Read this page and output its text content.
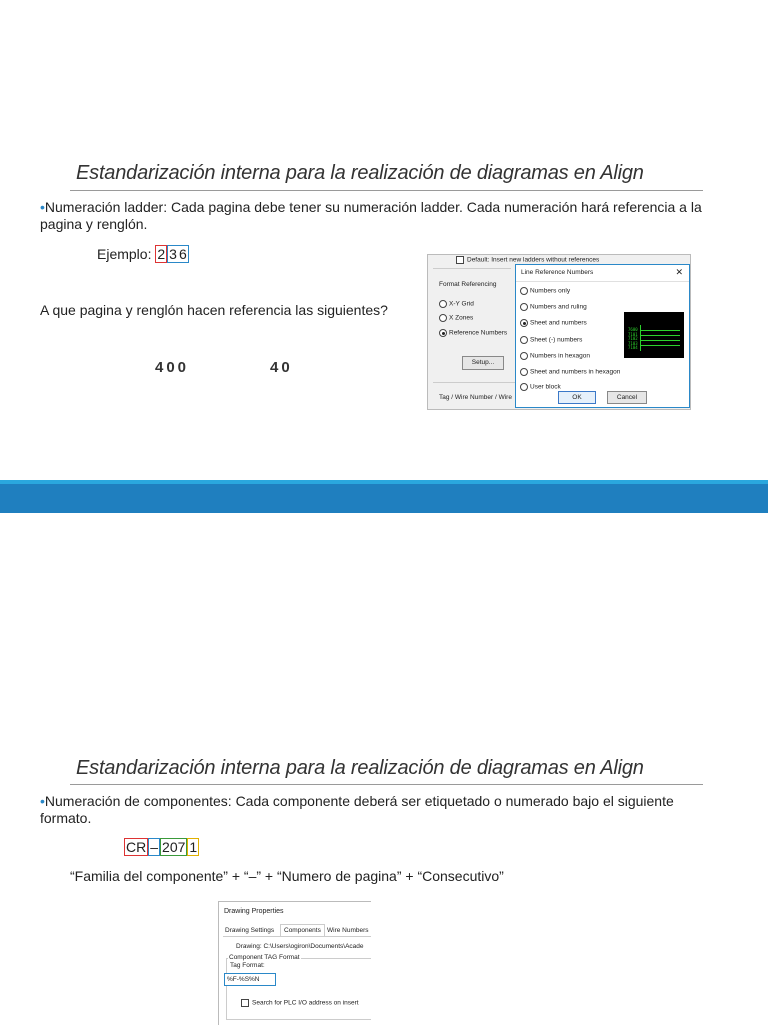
Estandarización interna para la realización de diagramas en Align
•Numeración ladder: Cada pagina debe tener su numeración ladder. Cada numeración hará referencia a la pagina y renglón.
Ejemplo: 2 3 6
A que pagina y renglón hacen referencia las siguientes?
400	40
Default: Insert new ladders without references
Format Referencing
X-Y Grid
X Zones
Reference Numbers
Setup...
Tag / Wire Number / Wire
Line Reference Numbers	✕
Numbers only
Numbers and ruling
Sheet and numbers
Sheet (-) numbers
Numbers in hexagon
Sheet and numbers in hexagon
User block
7600
7101
7102
7103
7104
OK	Cancel
Estandarización interna para la realización de diagramas en Align
•Numeración de componentes: Cada componente deberá ser etiquetado o numerado bajo el siguiente formato.
CR – 207 1
“Familia del componente” + “–” + “Numero de pagina” + “Consecutivo”
Drawing Properties
Drawing Settings	Components Wire Numbers
Drawing: C:\Users\ogiron\Documents\Acade
Component TAG Format
Tag Format:
%F-%S%N
Search for PLC I/O address on insert
